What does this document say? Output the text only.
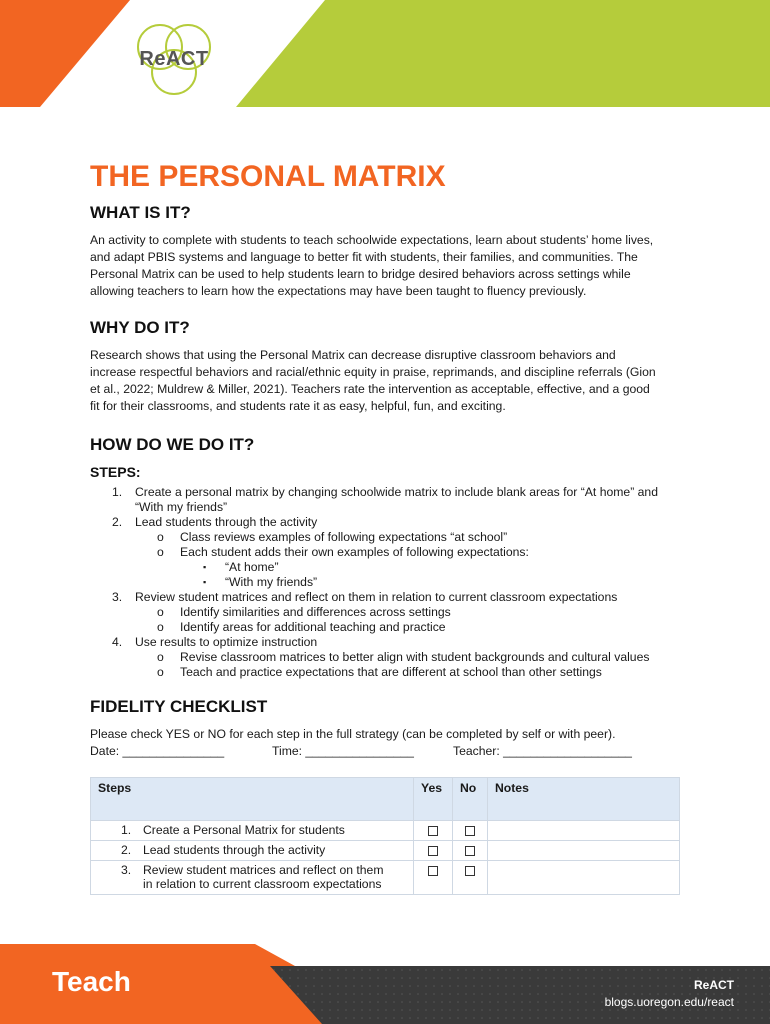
ReACT
THE PERSONAL MATRIX
WHAT IS IT?

An activity to complete with students to teach schoolwide expectations, learn about students’ home lives,
and adapt PBIS systems and language to better fit with students, their families, and communities. The
Personal Matrix can be used to help students learn to bridge desired behaviors across settings while
allowing teachers to learn how the expectations may have been taught to fluency previously.

WHY DO IT?

Research shows that using the Personal Matrix can decrease disruptive classroom behaviors and
increase respectful behaviors and racial/ethnic equity in praise, reprimands, and discipline referrals (Gion
et al., 2022; Muldrew & Miller, 2021). Teachers rate the intervention as acceptable, effective, and a good
fit for their classrooms, and students rate it as easy, helpful, fun, and exciting.

HOW DO WE DO IT?
STEPS:
1. Create a personal matrix by changing schoolwide matrix to include blank areas for “At home” and
“With my friends”
2. Lead students through the activity
o Class reviews examples of following expectations “at school”
o Each student adds their own examples of following expectations:
▪ “At home”
▪ “With my friends”
3. Review student matrices and reflect on them in relation to current classroom expectations
o Identify similarities and differences across settings
o Identify areas for additional teaching and practice
4. Use results to optimize instruction
o Revise classroom matrices to better align with student backgrounds and cultural values
o Teach and practice expectations that are different at school than other settings
FIDELITY CHECKLIST

Please check YES or NO for each step in the full strategy (can be completed by self or with peer).

Date: _______________	Time: ________________	Teacher: ___________________
Steps	Yes	No	Notes

1. Create a Personal Matrix for students			

2. Lead students through the activity			

3. Review student matrices and reflect on them in relation to current classroom expectations			

Teach	ReACT
blogs.uoregon.edu/react
